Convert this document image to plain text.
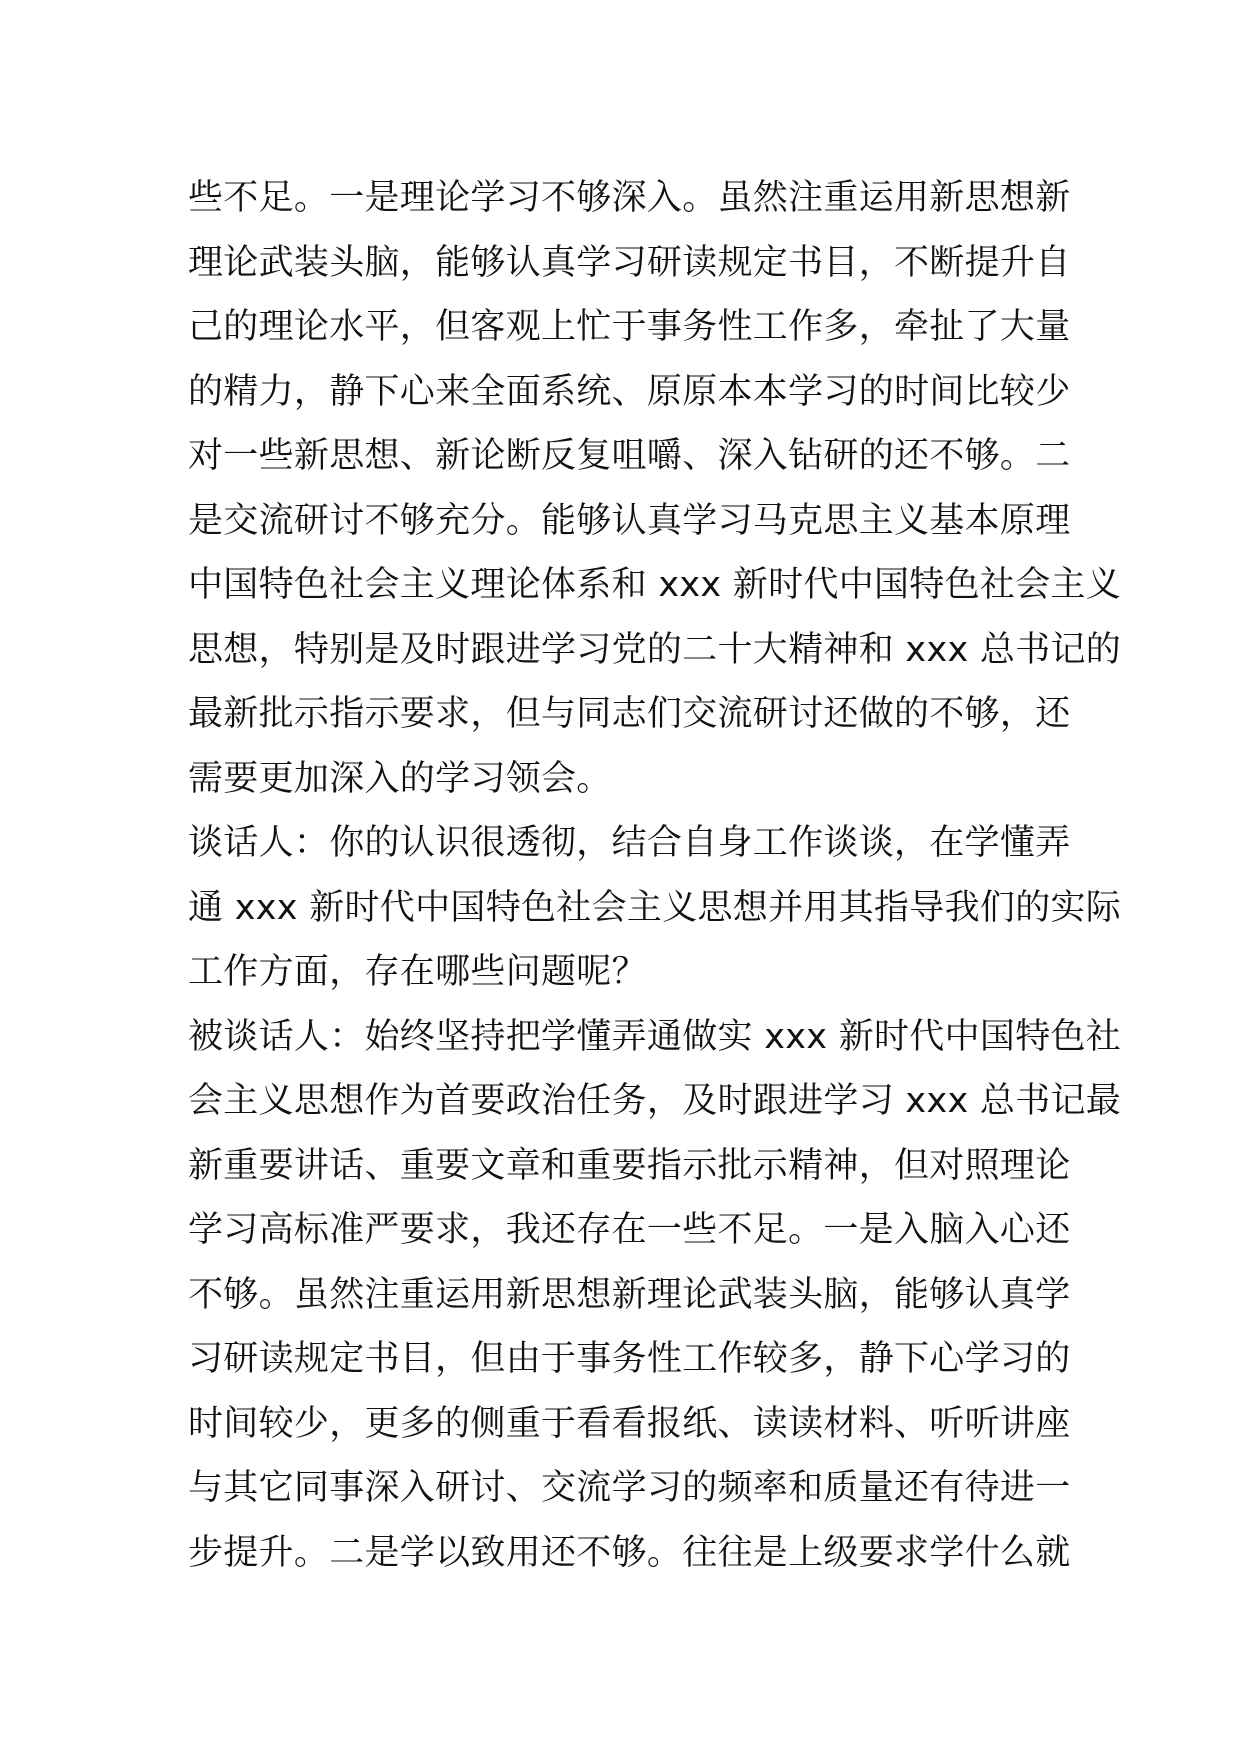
些不足。一是理论学习不够深入。虽然注重运用新思想新
理论武装头脑，能够认真学习研读规定书目，不断提升自
己的理论水平，但客观上忙于事务性工作多，牵扯了大量
的精力，静下心来全面系统、原原本本学习的时间比较少
对一些新思想、新论断反复咀嚼、深入钻研的还不够。二
是交流研讨不够充分。能够认真学习马克思主义基本原理
中国特色社会主义理论体系和 xxx 新时代中国特色社会主义
思想，特别是及时跟进学习党的二十大精神和 xxx 总书记的
最新批示指示要求，但与同志们交流研讨还做的不够，还
需要更加深入的学习领会。
谈话人：你的认识很透彻，结合自身工作谈谈，在学懂弄
通 xxx 新时代中国特色社会主义思想并用其指导我们的实际
工作方面，存在哪些问题呢？
被谈话人：始终坚持把学懂弄通做实 xxx 新时代中国特色社
会主义思想作为首要政治任务，及时跟进学习 xxx 总书记最
新重要讲话、重要文章和重要指示批示精神，但对照理论
学习高标准严要求，我还存在一些不足。一是入脑入心还
不够。虽然注重运用新思想新理论武装头脑，能够认真学
习研读规定书目，但由于事务性工作较多，静下心学习的
时间较少，更多的侧重于看看报纸、读读材料、听听讲座
与其它同事深入研讨、交流学习的频率和质量还有待进一
步提升。二是学以致用还不够。往往是上级要求学什么就
